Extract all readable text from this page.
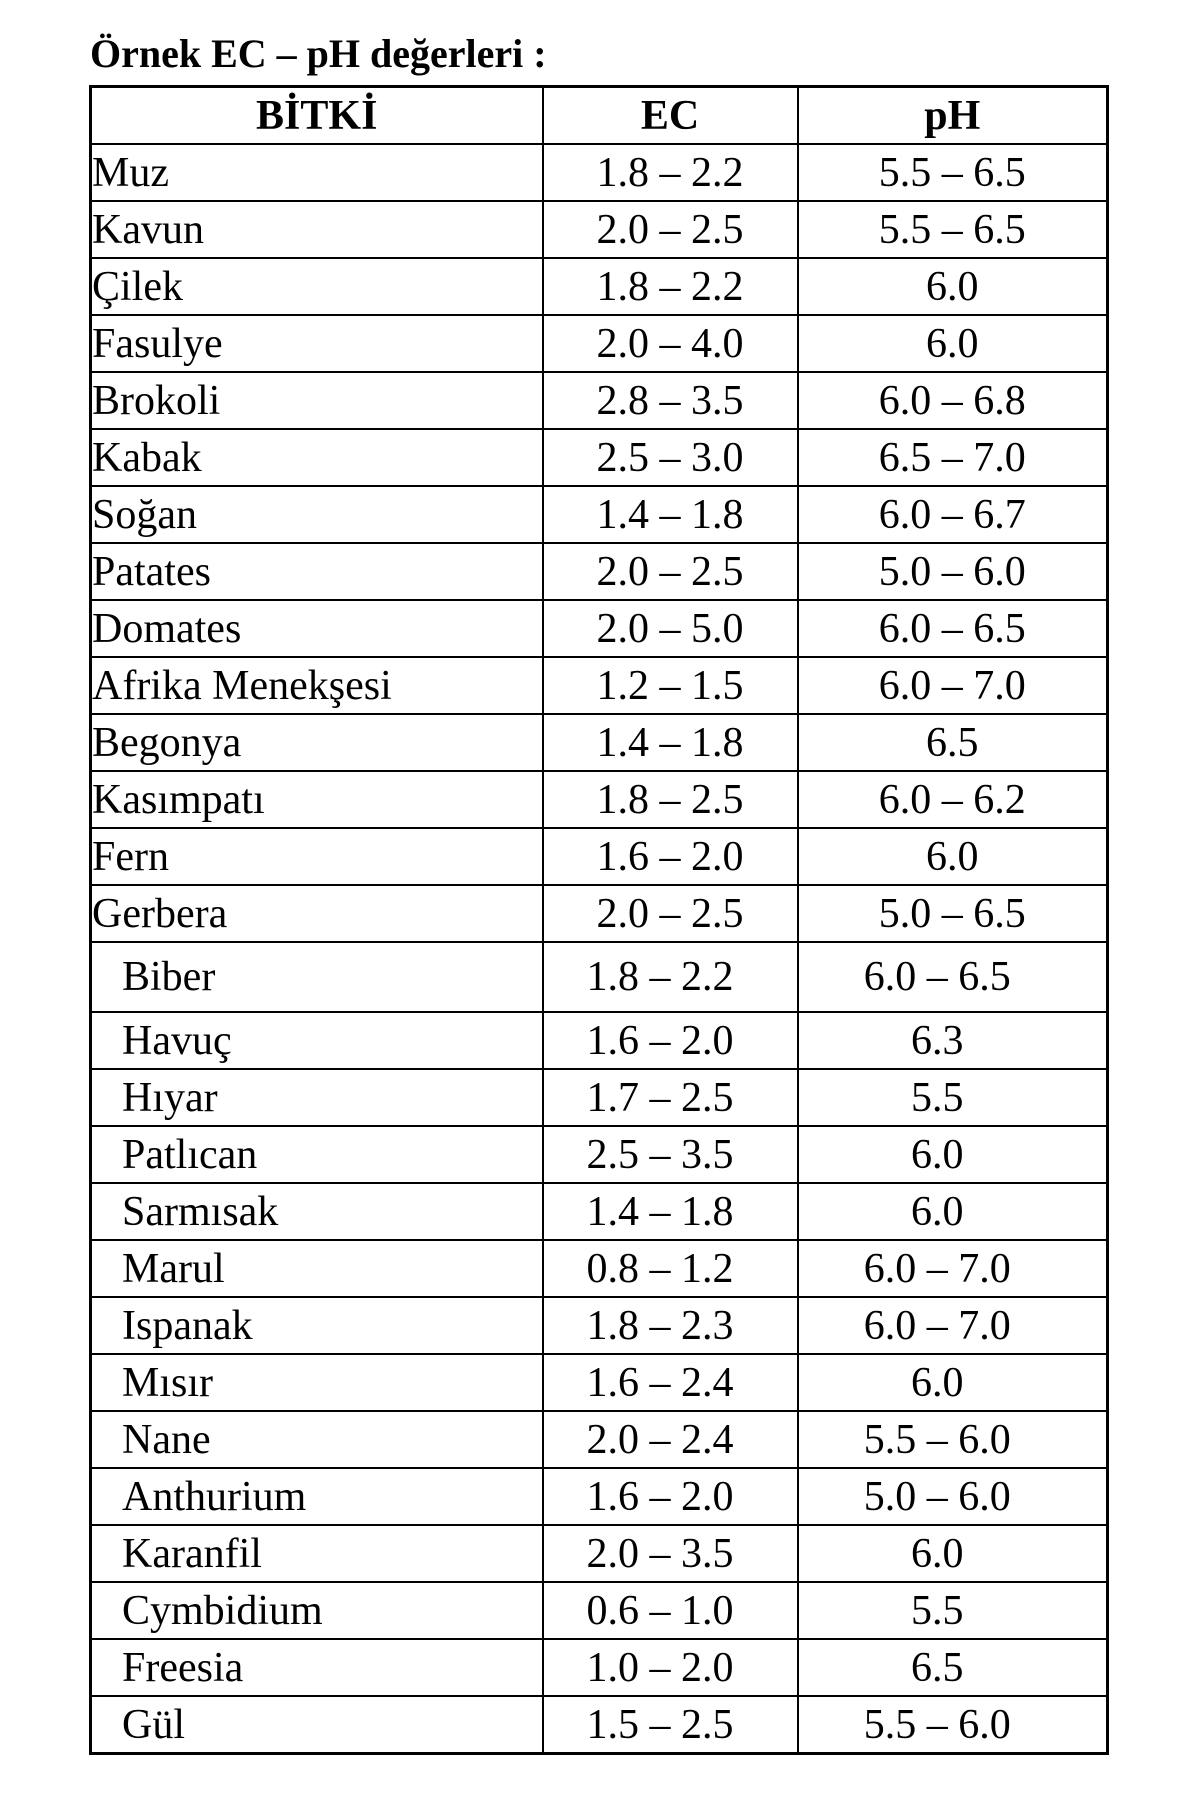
Örnek EC – pH değerleri :
BİTKİ	EC	pH
Muz	1.8 – 2.2	5.5 – 6.5
Kavun	2.0 – 2.5	5.5 – 6.5
Çilek	1.8 – 2.2	6.0
Fasulye	2.0 – 4.0	6.0
Brokoli	2.8 – 3.5	6.0 – 6.8
Kabak	2.5 – 3.0	6.5 – 7.0
Soğan	1.4 – 1.8	6.0 – 6.7
Patates	2.0 – 2.5	5.0 – 6.0
Domates	2.0 – 5.0	6.0 – 6.5
Afrika Menekşesi	1.2 – 1.5	6.0 – 7.0
Begonya	1.4 – 1.8	6.5
Kasımpatı	1.8 – 2.5	6.0 – 6.2
Fern	1.6 – 2.0	6.0
Gerbera	2.0 – 2.5	5.0 – 6.5
Biber	1.8 – 2.2	6.0 – 6.5
Havuç	1.6 – 2.0	6.3
Hıyar	1.7 – 2.5	5.5
Patlıcan	2.5 – 3.5	6.0
Sarmısak	1.4 – 1.8	6.0
Marul	0.8 – 1.2	6.0 – 7.0
Ispanak	1.8 – 2.3	6.0 – 7.0
Mısır	1.6 – 2.4	6.0
Nane	2.0 – 2.4	5.5 – 6.0
Anthurium	1.6 – 2.0	5.0 – 6.0
Karanfil	2.0 – 3.5	6.0
Cymbidium	0.6 – 1.0	5.5
Freesia	1.0 – 2.0	6.5
Gül	1.5 – 2.5	5.5 – 6.0
